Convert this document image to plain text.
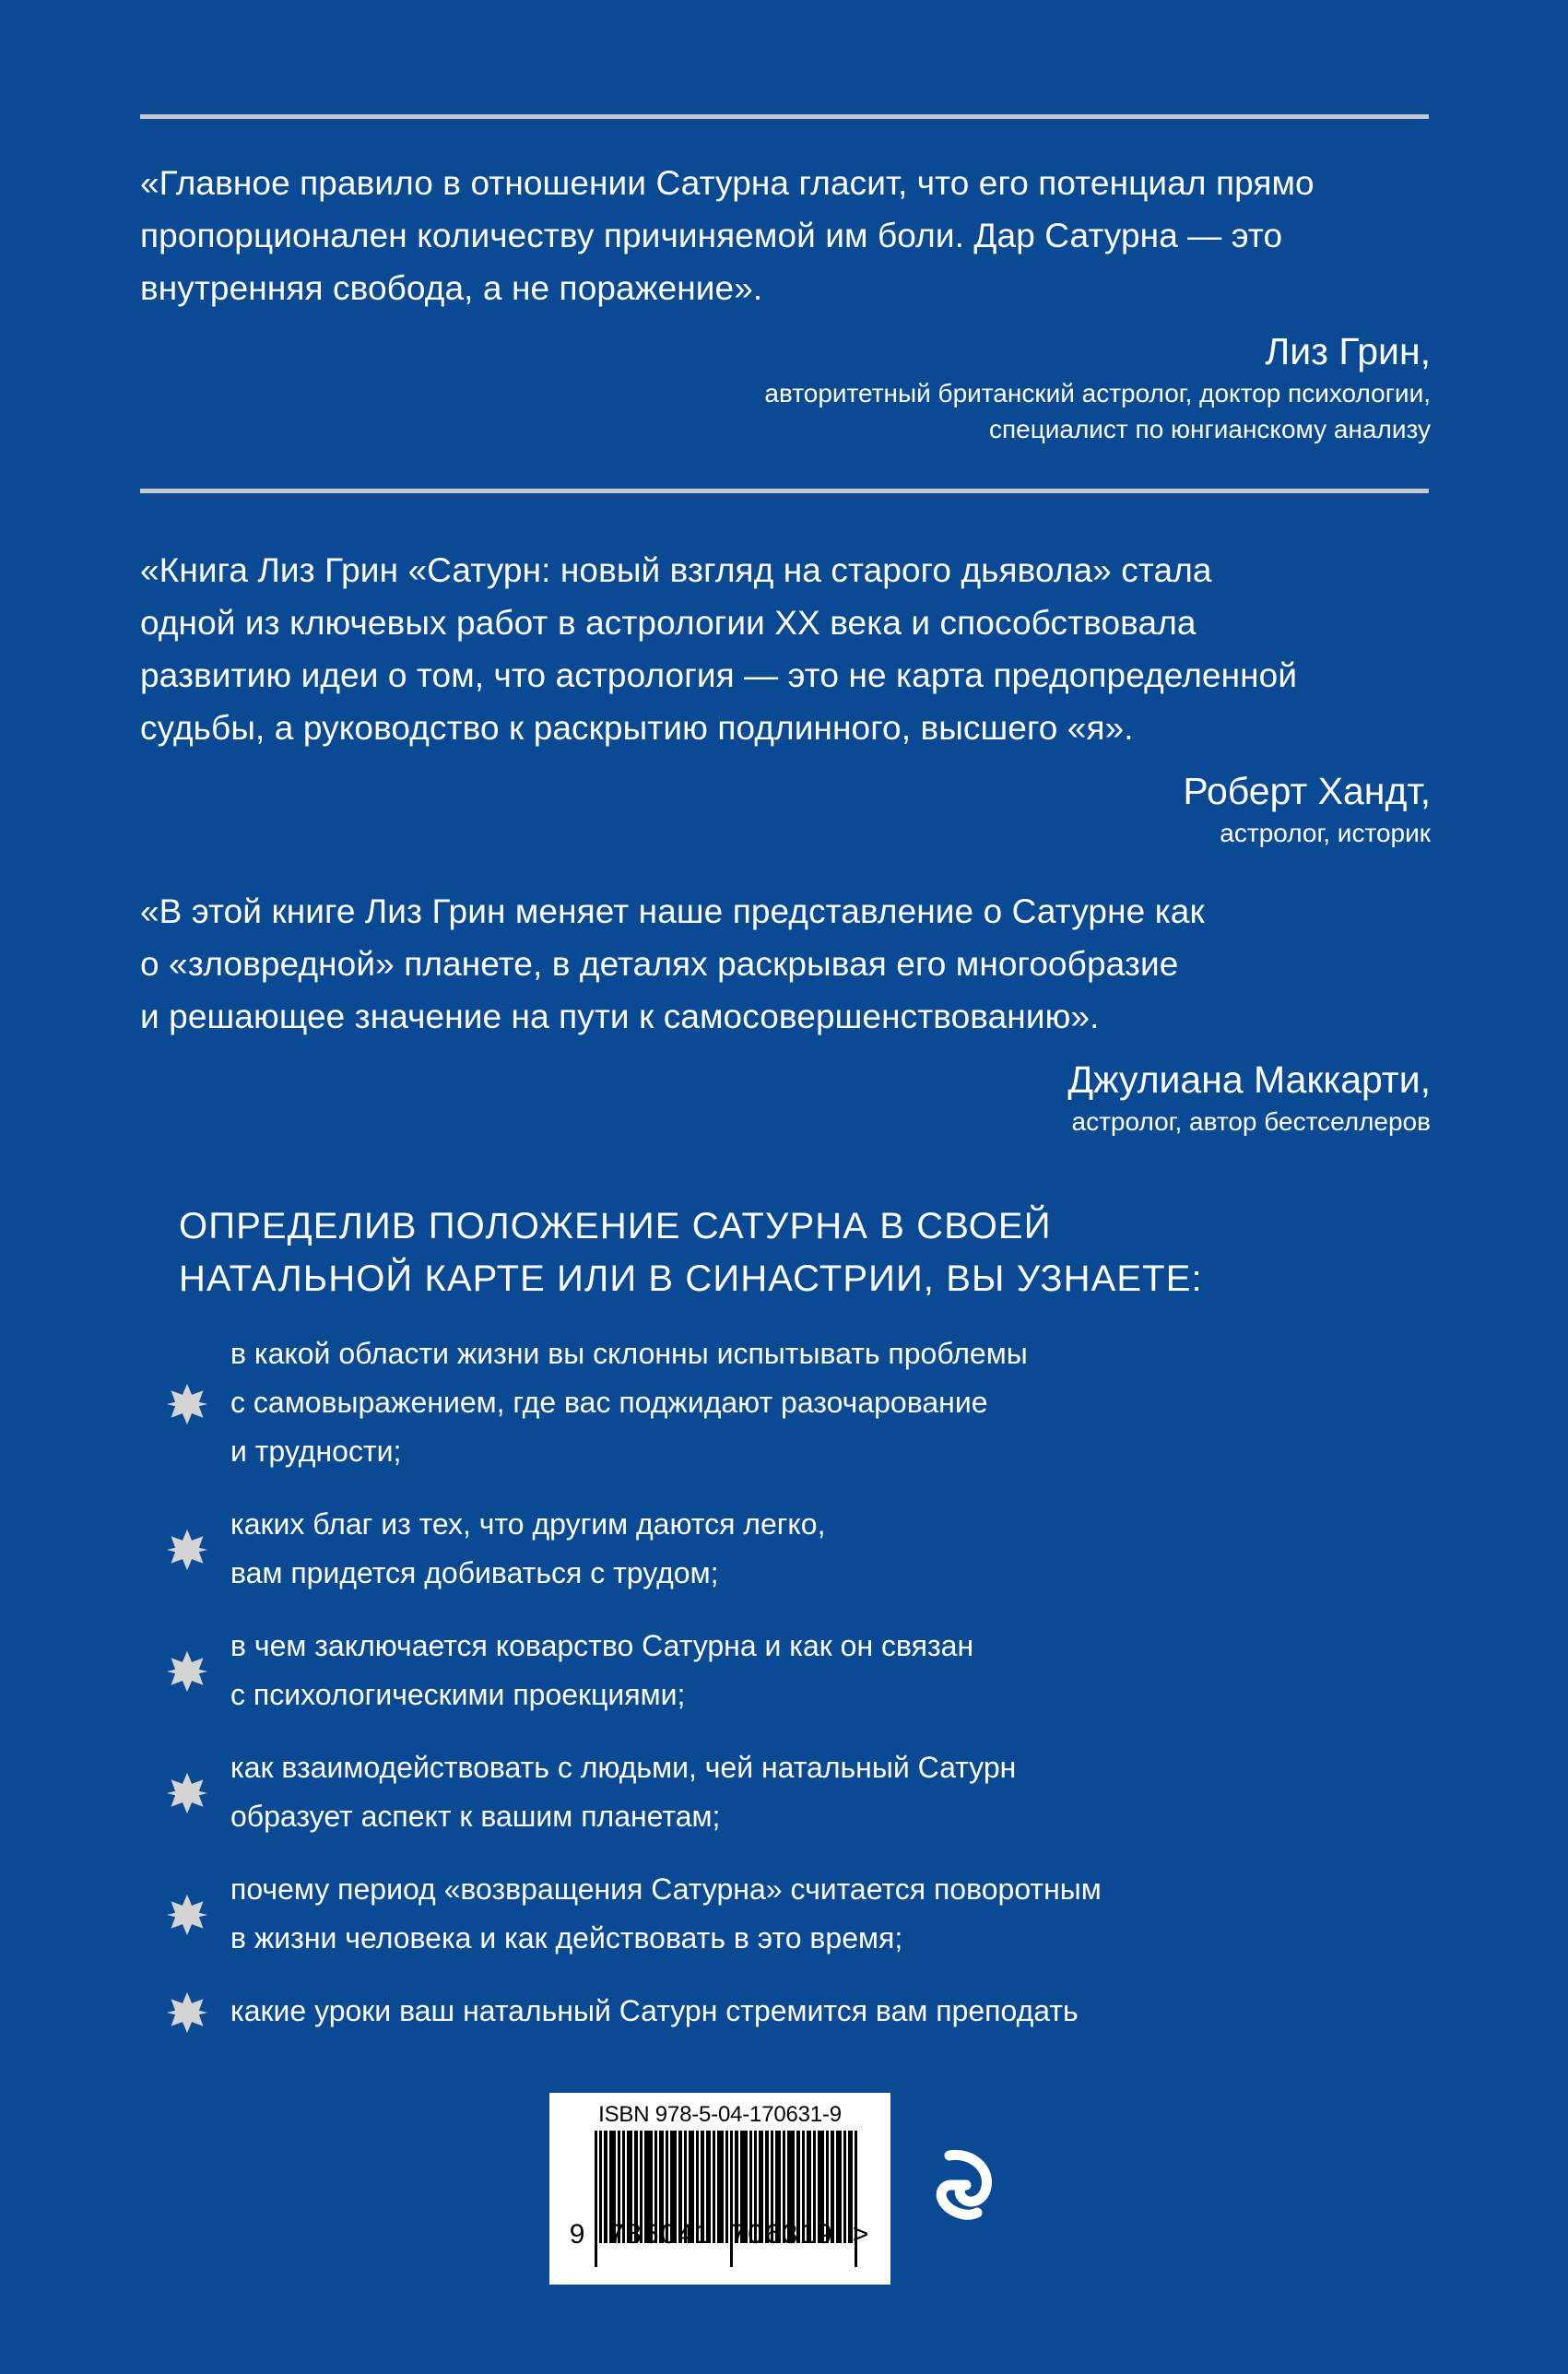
«Главное правило в отношении Сатурна гласит, что его потенциал прямо

пропорционален количеству причиняемой им боли. Дар Сатурна — это

внутренняя свобода, а не поражение».

Лиз Грин,

авторитетный британский астролог, доктор психологии,

специалист по юнгианскому анализу

«Книга Лиз Грин «Сатурн: новый взгляд на старого дьявола» стала

одной из ключевых работ в астрологии XX века и способствовала

развитию идеи о том, что астрология — это не карта предопределенной

судьбы, а руководство к раскрытию подлинного, высшего «я».

Роберт Хандт,

астролог, историк

«В этой книге Лиз Грин меняет наше представление о Сатурне как

о «зловредной» планете, в деталях раскрывая его многообразие

и решающее значение на пути к самосовершенствованию».

Джулиана Маккарти,

астролог, автор бестселлеров

ОПРЕДЕЛИВ ПОЛОЖЕНИЕ САТУРНА В СВОЕЙ

НАТАЛЬНОЙ КАРТЕ ИЛИ В СИНАСТРИИ, ВЫ УЗНАЕТЕ:

в какой области жизни вы склонны испытывать проблемы

с самовыражением, где вас поджидают разочарование

и трудности;

каких благ из тех, что другим даются легко,

вам придется добиваться с трудом;

в чем заключается коварство Сатурна и как он связан

с психологическими проекциями;

как взаимодействовать с людьми, чей натальный Сатурн

образует аспект к вашим планетам;

почему период «возвращения Сатурна» считается поворотным

в жизни человека и как действовать в это время;

какие уроки ваш натальный Сатурн стремится вам преподать

ISBN 978-5-04-170631-9
9 785041 706319 >
